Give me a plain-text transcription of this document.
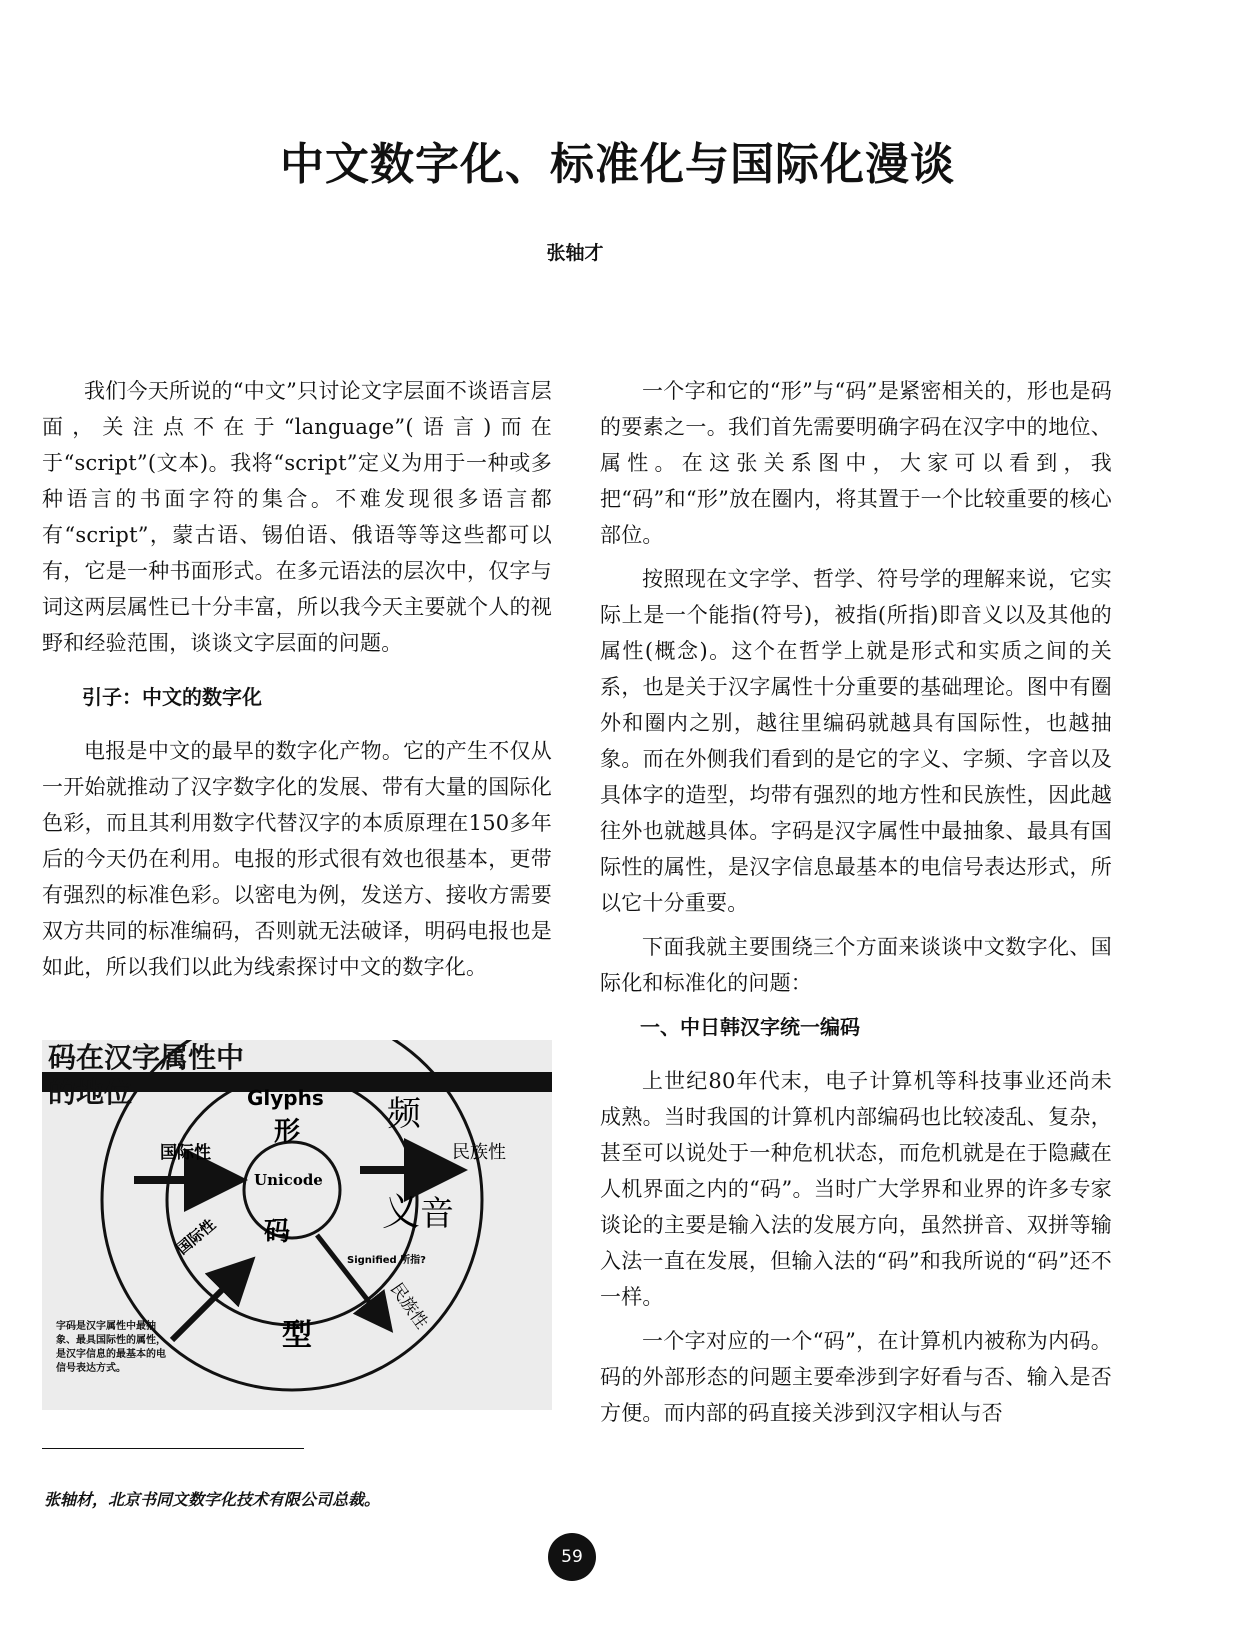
中文数字化、标准化与国际化漫谈
张轴才

我们今天所说的“中文”只讨论文字层面不谈语言层面，关注点不在于“language”(语言)而在于“script”(文本)。我将“script”定义为用于一种或多种语言的书面字符的集合。不难发现很多语言都有“script”，蒙古语、锡伯语、俄语等等这些都可以有，它是一种书面形式。在多元语法的层次中，仅字与词这两层属性已十分丰富，所以我今天主要就个人的视野和经验范围，谈谈文字层面的问题。

引子：中文的数字化

电报是中文的最早的数字化产物。它的产生不仅从一开始就推动了汉字数字化的发展、带有大量的国际化色彩，而且其利用数字代替汉字的本质原理在150多年后的今天仍在利用。电报的形式很有效也很基本，更带有强烈的标准色彩。以密电为例，发送方、接收方需要双方共同的标准编码，否则就无法破译，明码电报也是如此，所以我们以此为线索探讨中文的数字化。

Glyphs
形
Unicode
码
频
义 音
型
国际性	民族性
Signified 所指?
国际性
民族性
码在汉字属性中的地位
字码是汉字属性中最抽象、最具国际性的属性，是汉字信息的最基本的电信号表达方式。

一个字和它的“形”与“码”是紧密相关的，形也是码的要素之一。我们首先需要明确字码在汉字中的地位、属性。在这张关系图中，大家可以看到，我把“码”和“形”放在圈内，将其置于一个比较重要的核心部位。

按照现在文字学、哲学、符号学的理解来说，它实际上是一个能指(符号)，被指(所指)即音义以及其他的属性(概念)。这个在哲学上就是形式和实质之间的关系，也是关于汉字属性十分重要的基础理论。图中有圈外和圈内之别，越往里编码就越具有国际性，也越抽象。而在外侧我们看到的是它的字义、字频、字音以及具体字的造型，均带有强烈的地方性和民族性，因此越往外也就越具体。字码是汉字属性中最抽象、最具有国际性的属性，是汉字信息最基本的电信号表达形式，所以它十分重要。

下面我就主要围绕三个方面来谈谈中文数字化、国际化和标准化的问题：

一、中日韩汉字统一编码

上世纪80年代末，电子计算机等科技事业还尚未成熟。当时我国的计算机内部编码也比较凌乱、复杂，甚至可以说处于一种危机状态，而危机就是在于隐藏在人机界面之内的“码”。当时广大学界和业界的许多专家谈论的主要是输入法的发展方向，虽然拼音、双拼等输入法一直在发展，但输入法的“码”和我所说的“码”还不一样。

一个字对应的一个“码”，在计算机内被称为内码。码的外部形态的问题主要牵涉到字好看与否、输入是否方便。而内部的码直接关涉到汉字相认与否

张轴材，北京书同文数字化技术有限公司总裁。
59
